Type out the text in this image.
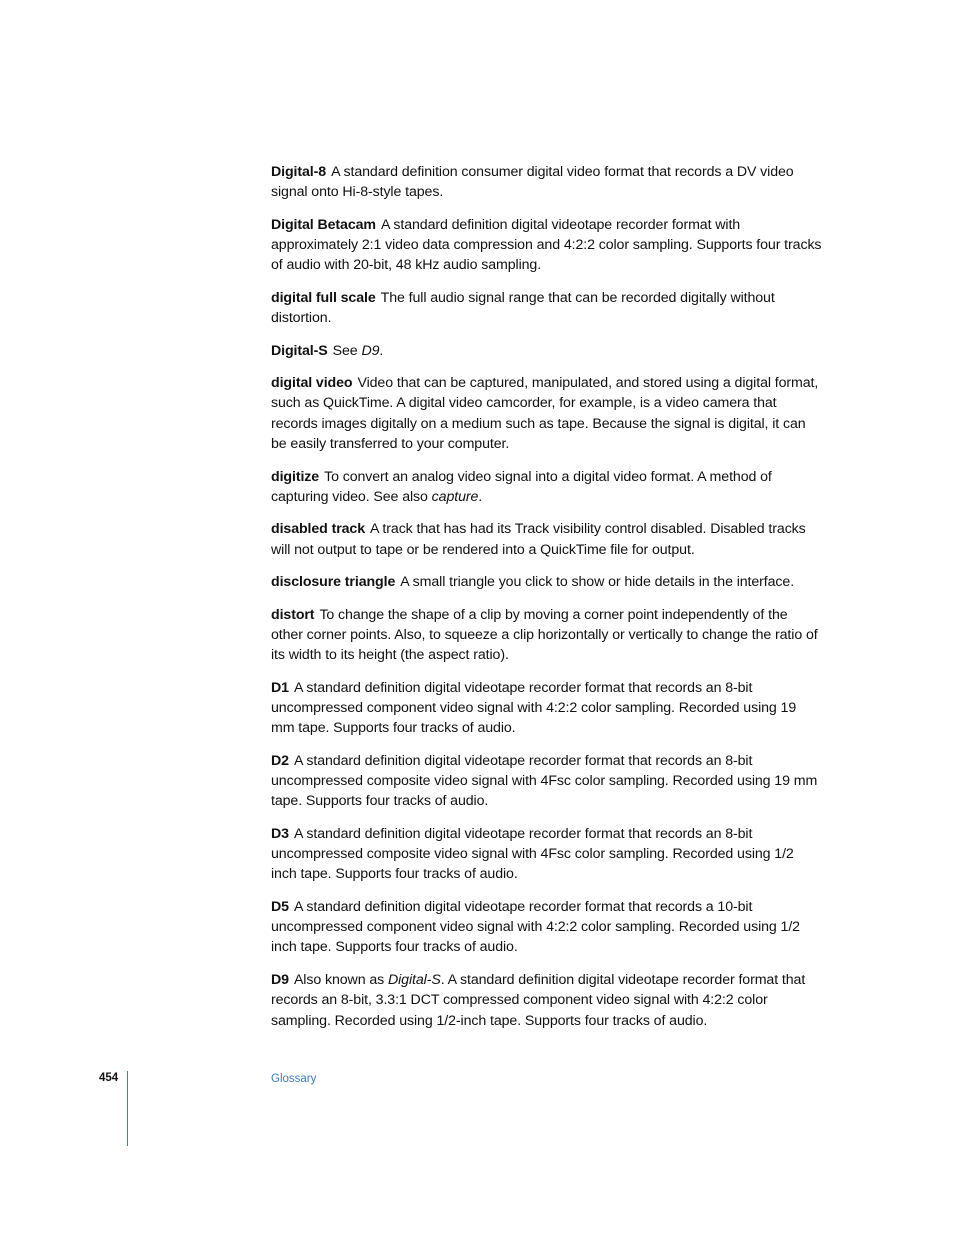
Digital-8 A standard definition consumer digital video format that records a DV video signal onto Hi-8-style tapes.

Digital Betacam A standard definition digital videotape recorder format with approximately 2:1 video data compression and 4:2:2 color sampling. Supports four tracks of audio with 20-bit, 48 kHz audio sampling.

digital full scale The full audio signal range that can be recorded digitally without distortion.

Digital-S See D9.

digital video Video that can be captured, manipulated, and stored using a digital format, such as QuickTime. A digital video camcorder, for example, is a video camera that records images digitally on a medium such as tape. Because the signal is digital, it can be easily transferred to your computer.

digitize To convert an analog video signal into a digital video format. A method of capturing video. See also capture.

disabled track A track that has had its Track visibility control disabled. Disabled tracks will not output to tape or be rendered into a QuickTime file for output.

disclosure triangle A small triangle you click to show or hide details in the interface.

distort To change the shape of a clip by moving a corner point independently of the other corner points. Also, to squeeze a clip horizontally or vertically to change the ratio of its width to its height (the aspect ratio).

D1 A standard definition digital videotape recorder format that records an 8-bit uncompressed component video signal with 4:2:2 color sampling. Recorded using 19 mm tape. Supports four tracks of audio.

D2 A standard definition digital videotape recorder format that records an 8-bit uncompressed composite video signal with 4Fsc color sampling. Recorded using 19 mm tape. Supports four tracks of audio.

D3 A standard definition digital videotape recorder format that records an 8-bit uncompressed composite video signal with 4Fsc color sampling. Recorded using 1/2 inch tape. Supports four tracks of audio.

D5 A standard definition digital videotape recorder format that records a 10-bit uncompressed component video signal with 4:2:2 color sampling. Recorded using 1/2 inch tape. Supports four tracks of audio.

D9 Also known as Digital-S. A standard definition digital videotape recorder format that records an 8-bit, 3.3:1 DCT compressed component video signal with 4:2:2 color sampling. Recorded using 1/2-inch tape. Supports four tracks of audio.

454	Glossary
